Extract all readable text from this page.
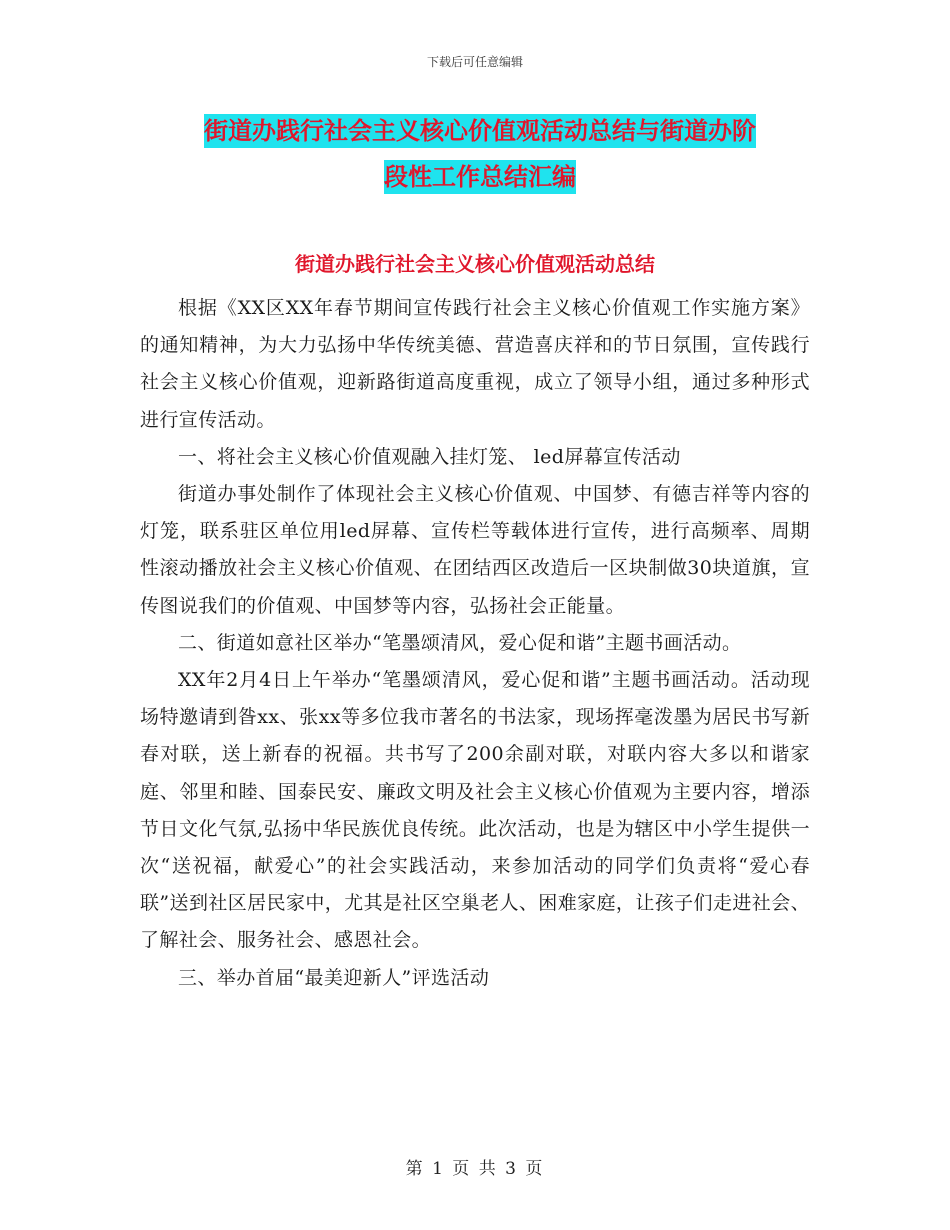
下载后可任意编辑
街道办践行社会主义核心价值观活动总结与街道办阶
段性工作总结汇编
街道办践行社会主义核心价值观活动总结

根据《XX区XX年春节期间宣传践行社会主义核心价值观工作实施方案》的通知精神，为大力弘扬中华传统美德、营造喜庆祥和的节日氛围，宣传践行社会主义核心价值观，迎新路街道高度重视，成立了领导小组，通过多种形式进行宣传活动。

一、将社会主义核心价值观融入挂灯笼、 led屏幕宣传活动

街道办事处制作了体现社会主义核心价值观、中国梦、有德吉祥等内容的灯笼，联系驻区单位用led屏幕、宣传栏等载体进行宣传，进行高频率、周期性滚动播放社会主义核心价值观、在团结西区改造后一区块制做30块道旗，宣传图说我们的价值观、中国梦等内容，弘扬社会正能量。

二、街道如意社区举办“笔墨颂清风，爱心促和谐”主题书画活动。

XX年2月4日上午举办“笔墨颂清风，爱心促和谐”主题书画活动。活动现场特邀请到昝xx、张xx等多位我市著名的书法家，现场挥毫泼墨为居民书写新春对联，送上新春的祝福。共书写了200余副对联，对联内容大多以和谐家庭、邻里和睦、国泰民安、廉政文明及社会主义核心价值观为主要内容，增添节日文化气氛,弘扬中华民族优良传统。此次活动，也是为辖区中小学生提供一次“送祝福，献爱心”的社会实践活动，来参加活动的同学们负责将“爱心春联”送到社区居民家中，尤其是社区空巢老人、困难家庭，让孩子们走进社会、了解社会、服务社会、感恩社会。

三、举办首届“最美迎新人”评选活动

第 1 页 共 3 页
